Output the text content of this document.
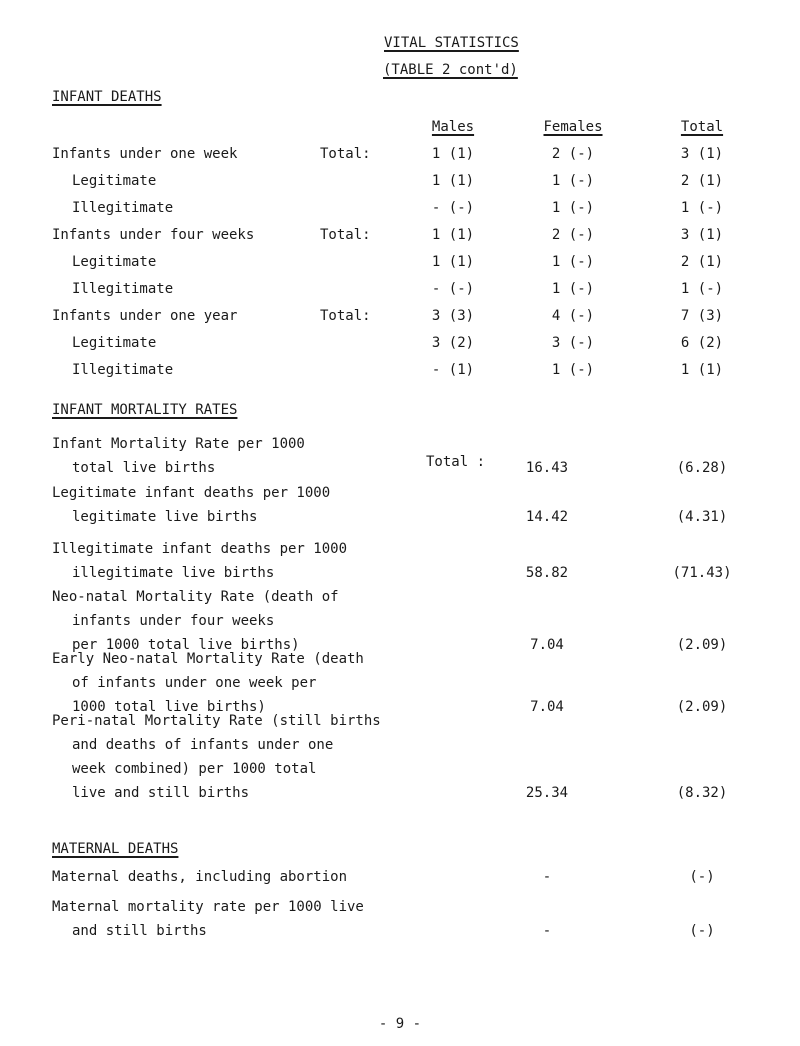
VITAL STATISTICS
(TABLE 2 cont'd)
INFANT DEATHS
Males	Females	Total
Infants under one week	Total:	1 (1)	2 (-)	3 (1)
Legitimate	1 (1)	1 (-)	2 (1)
Illegitimate	- (-)	1 (-)	1 (-)
Infants under four weeks	Total:	1 (1)	2 (-)	3 (1)
Legitimate	1 (1)	1 (-)	2 (1)
Illegitimate	- (-)	1 (-)	1 (-)
Infants under one year	Total:	3 (3)	4 (-)	7 (3)
Legitimate	3 (2)	3 (-)	6 (2)
Illegitimate	- (1)	1 (-)	1 (1)
INFANT MORTALITY RATES
Total :
Infant Mortality Rate per 1000
total live births	16.43	(6.28)
Legitimate infant deaths per 1000
legitimate live births	14.42	(4.31)
Illegitimate infant deaths per 1000
illegitimate live births	58.82	(71.43)
Neo-natal Mortality Rate (death of
infants under four weeks
per 1000 total live births)	7.04	(2.09)
Early Neo-natal Mortality Rate (death
of infants under one week per
1000 total live births)	7.04	(2.09)
Peri-natal Mortality Rate (still births
and deaths of infants under one
week combined) per 1000 total
live and still births	25.34	(8.32)
MATERNAL DEATHS
Maternal deaths, including abortion	-	(-)
Maternal mortality rate per 1000 live
and still births	-	(-)
- 9 -
